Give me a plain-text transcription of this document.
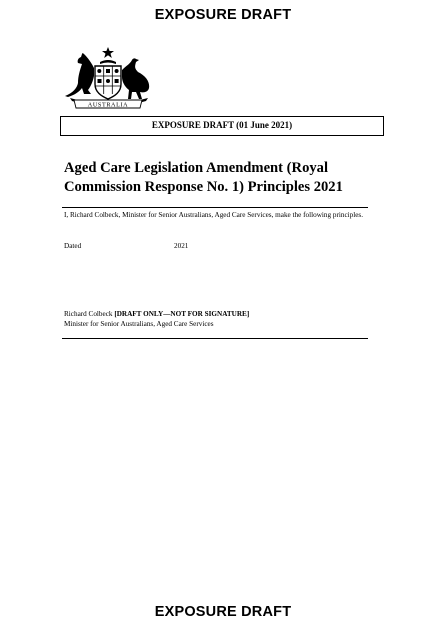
EXPOSURE DRAFT
AUSTRALIA
EXPOSURE DRAFT (01 June 2021)
Aged Care Legislation Amendment (Royal Commission Response No. 1) Principles 2021
I, Richard Colbeck, Minister for Senior Australians, Aged Care Services, make the following principles.
Dated	2021
Richard Colbeck [DRAFT ONLY—NOT FOR SIGNATURE]
Minister for Senior Australians, Aged Care Services
EXPOSURE DRAFT
